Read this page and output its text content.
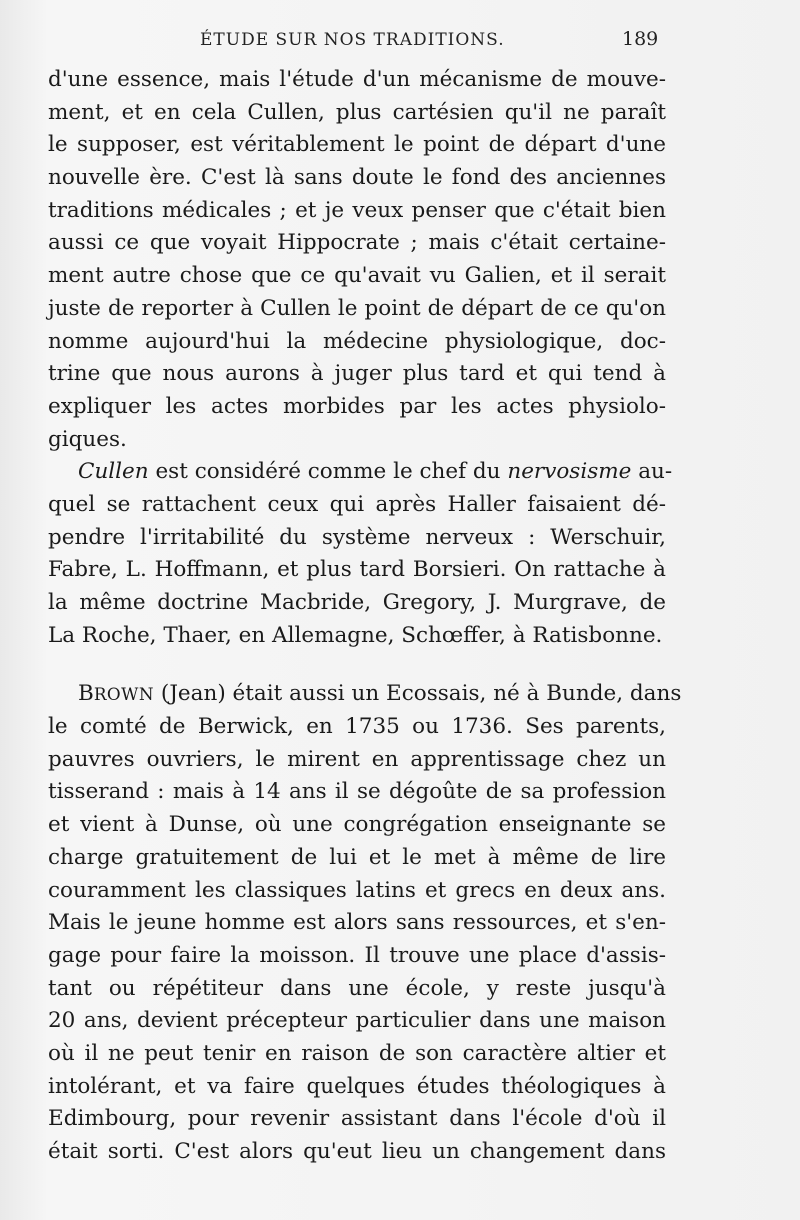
ÉTUDE SUR NOS TRADITIONS.	189
d'une essence, mais l'étude d'un mécanisme de mouve-
ment, et en cela Cullen, plus cartésien qu'il ne paraît
le supposer, est véritablement le point de départ d'une
nouvelle ère. C'est là sans doute le fond des anciennes
traditions médicales ; et je veux penser que c'était bien
aussi ce que voyait Hippocrate ; mais c'était certaine-
ment autre chose que ce qu'avait vu Galien, et il serait
juste de reporter à Cullen le point de départ de ce qu'on
nomme aujourd'hui la médecine physiologique, doc-
trine que nous aurons à juger plus tard et qui tend à
expliquer les actes morbides par les actes physiolo-
giques.
Cullen est considéré comme le chef du nervosisme au-
quel se rattachent ceux qui après Haller faisaient dé-
pendre l'irritabilité du système nerveux : Werschuir,
Fabre, L. Hoffmann, et plus tard Borsieri. On rattache à
la même doctrine Macbride, Gregory, J. Murgrave, de
La Roche, Thaer, en Allemagne, Schœffer, à Ratisbonne.
BROWN (Jean) était aussi un Ecossais, né à Bunde, dans
le comté de Berwick, en 1735 ou 1736. Ses parents,
pauvres ouvriers, le mirent en apprentissage chez un
tisserand : mais à 14 ans il se dégoûte de sa profession
et vient à Dunse, où une congrégation enseignante se
charge gratuitement de lui et le met à même de lire
couramment les classiques latins et grecs en deux ans.
Mais le jeune homme est alors sans ressources, et s'en-
gage pour faire la moisson. Il trouve une place d'assis-
tant ou répétiteur dans une école, y reste jusqu'à
20 ans, devient précepteur particulier dans une maison
où il ne peut tenir en raison de son caractère altier et
intolérant, et va faire quelques études théologiques à
Edimbourg, pour revenir assistant dans l'école d'où il
était sorti. C'est alors qu'eut lieu un changement dans
